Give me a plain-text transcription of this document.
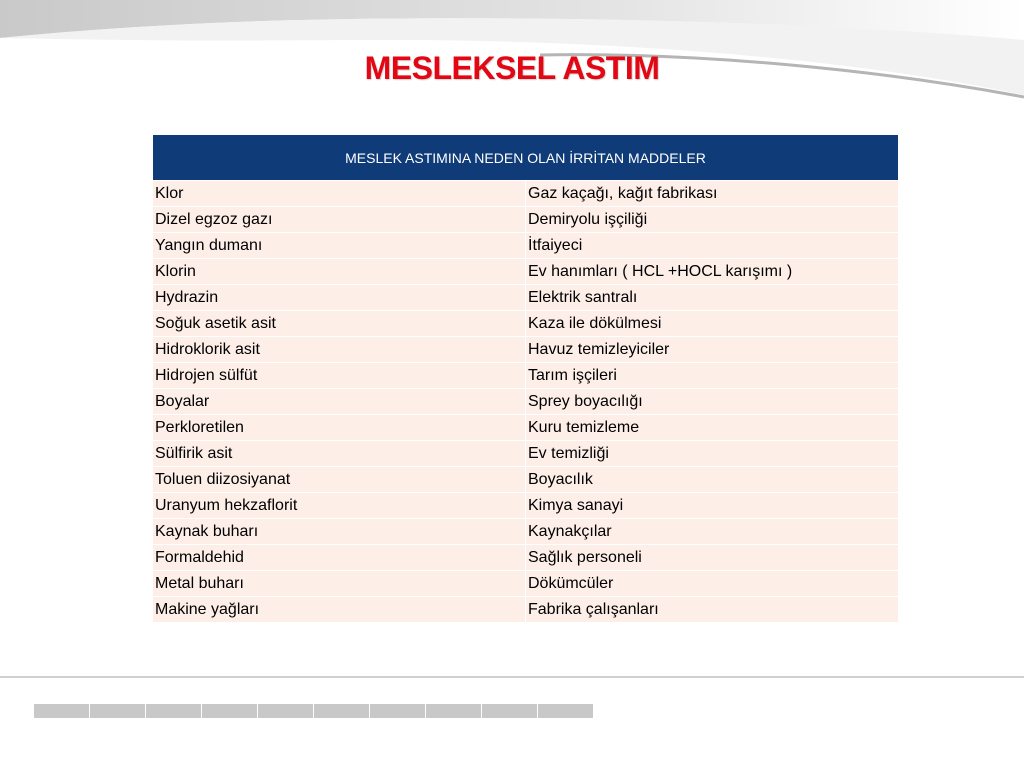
MESLEKSEL ASTIM
MESLEK ASTIMINA NEDEN OLAN İRRİTAN MADDELER	
Klor	Gaz kaçağı, kağıt fabrikası
Dizel egzoz gazı	Demiryolu işçiliği
Yangın dumanı	İtfaiyeci
Klorin	Ev hanımları ( HCL +HOCL karışımı )
Hydrazin	Elektrik santralı
Soğuk asetik asit	Kaza ile dökülmesi
Hidroklorik asit	Havuz temizleyiciler
Hidrojen sülfüt	Tarım işçileri
Boyalar	Sprey boyacılığı
Perkloretilen	Kuru temizleme
Sülfirik asit	Ev temizliği
Toluen diizosiyanat	Boyacılık
Uranyum hekzaflorit	Kimya sanayi
Kaynak buharı	Kaynakçılar
Formaldehid	Sağlık personeli
Metal buharı	Dökümcüler
Makine yağları	Fabrika çalışanları
